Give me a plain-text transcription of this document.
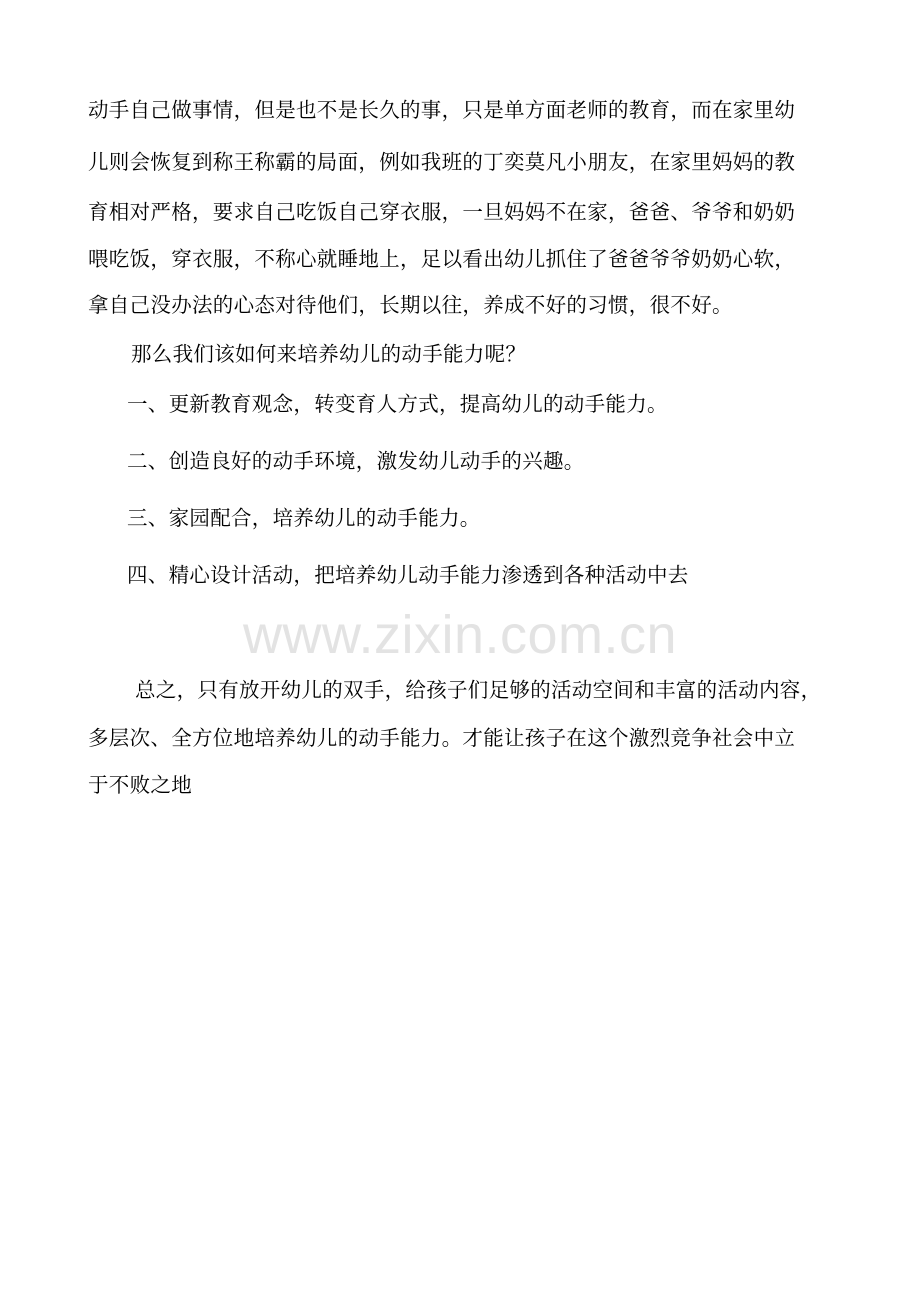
动手自己做事情，但是也不是长久的事，只是单方面老师的教育，而在家里幼
儿则会恢复到称王称霸的局面，例如我班的丁奕莫凡小朋友，在家里妈妈的教
育相对严格，要求自己吃饭自己穿衣服，一旦妈妈不在家，爸爸、爷爷和奶奶
喂吃饭，穿衣服，不称心就睡地上，足以看出幼儿抓住了爸爸爷爷奶奶心软，
拿自己没办法的心态对待他们，长期以往，养成不好的习惯，很不好。
那么我们该如何来培养幼儿的动手能力呢？
一、更新教育观念，转变育人方式，提高幼儿的动手能力。
二、创造良好的动手环境，激发幼儿动手的兴趣。
三、家园配合，培养幼儿的动手能力。
四、精心设计活动，把培养幼儿动手能力渗透到各种活动中去
www.zixin.com.cn
总之，只有放开幼儿的双手，给孩子们足够的活动空间和丰富的活动内容，
多层次、全方位地培养幼儿的动手能力。才能让孩子在这个激烈竞争社会中立
于不败之地
